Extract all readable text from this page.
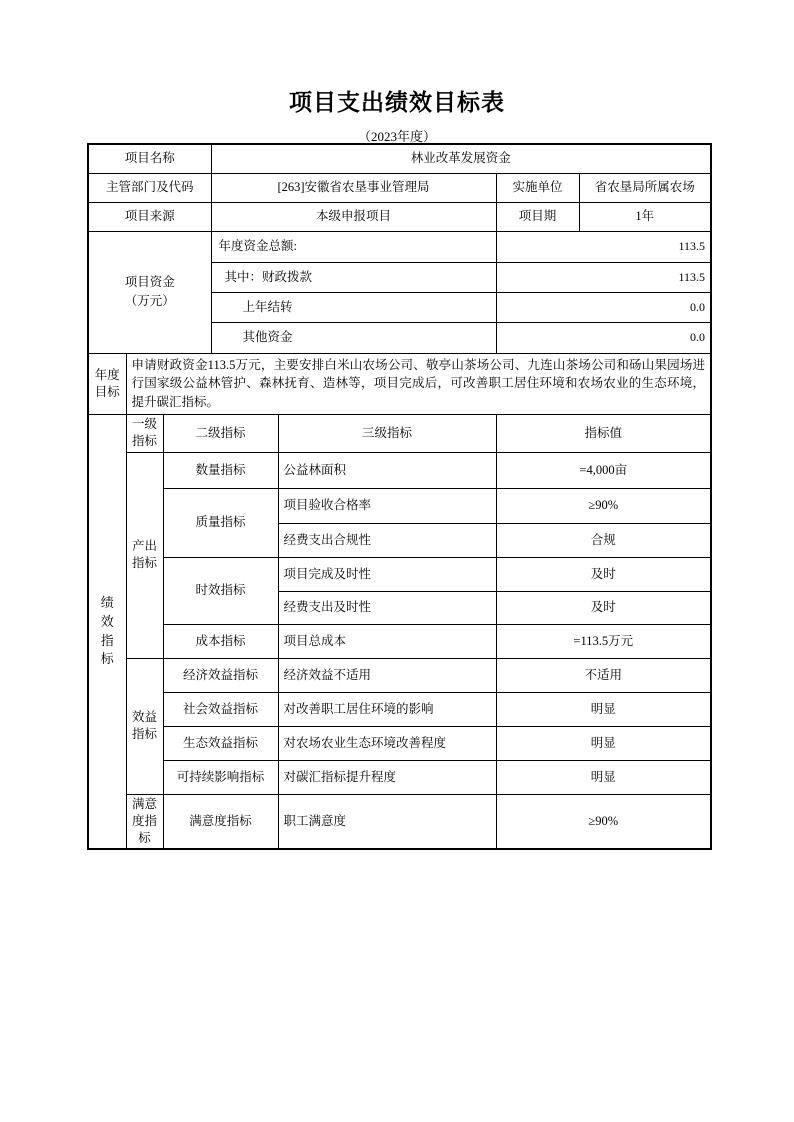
项目支出绩效目标表
（2023年度）
项目名称			林业改革发展资金			
主管部门及代码			[263]安徽省农垦事业管理局		实施单位	省农垦局所属农场
项目来源			本级申报项目		项目期	1年

项目资金（万元）			年度资金总额:		113.5	
			其中：财政拨款		113.5	
			上年结转		0.0	
			其他资金		0.0	
年度目标	申请财政资金113.5万元，主要安排白米山农场公司、敬亭山茶场公司、九连山茶场公司和砀山果园场进行国家级公益林管护、森林抚育、造林等，项目完成后，可改善职工居住环境和农场农业的生态环境，提升碳汇指标。					

绩效指标	一级指标	二级指标		三级指标	指标值	
	产出指标	数量指标		公益林面积	=4,000亩	
		质量指标		项目验收合格率	≥90%	
				经费支出合规性	合规	
		时效指标		项目完成及时性	及时	
				经费支出及时性	及时	
		成本指标		项目总成本	=113.5万元	
	效益指标	经济效益指标		经济效益不适用	不适用	
		社会效益指标		对改善职工居住环境的影响	明显	
		生态效益指标		对农场农业生态环境改善程度	明显	
		可持续影响指标		对碳汇指标提升程度	明显	
	满意度指标	满意度指标		职工满意度	≥90%	
